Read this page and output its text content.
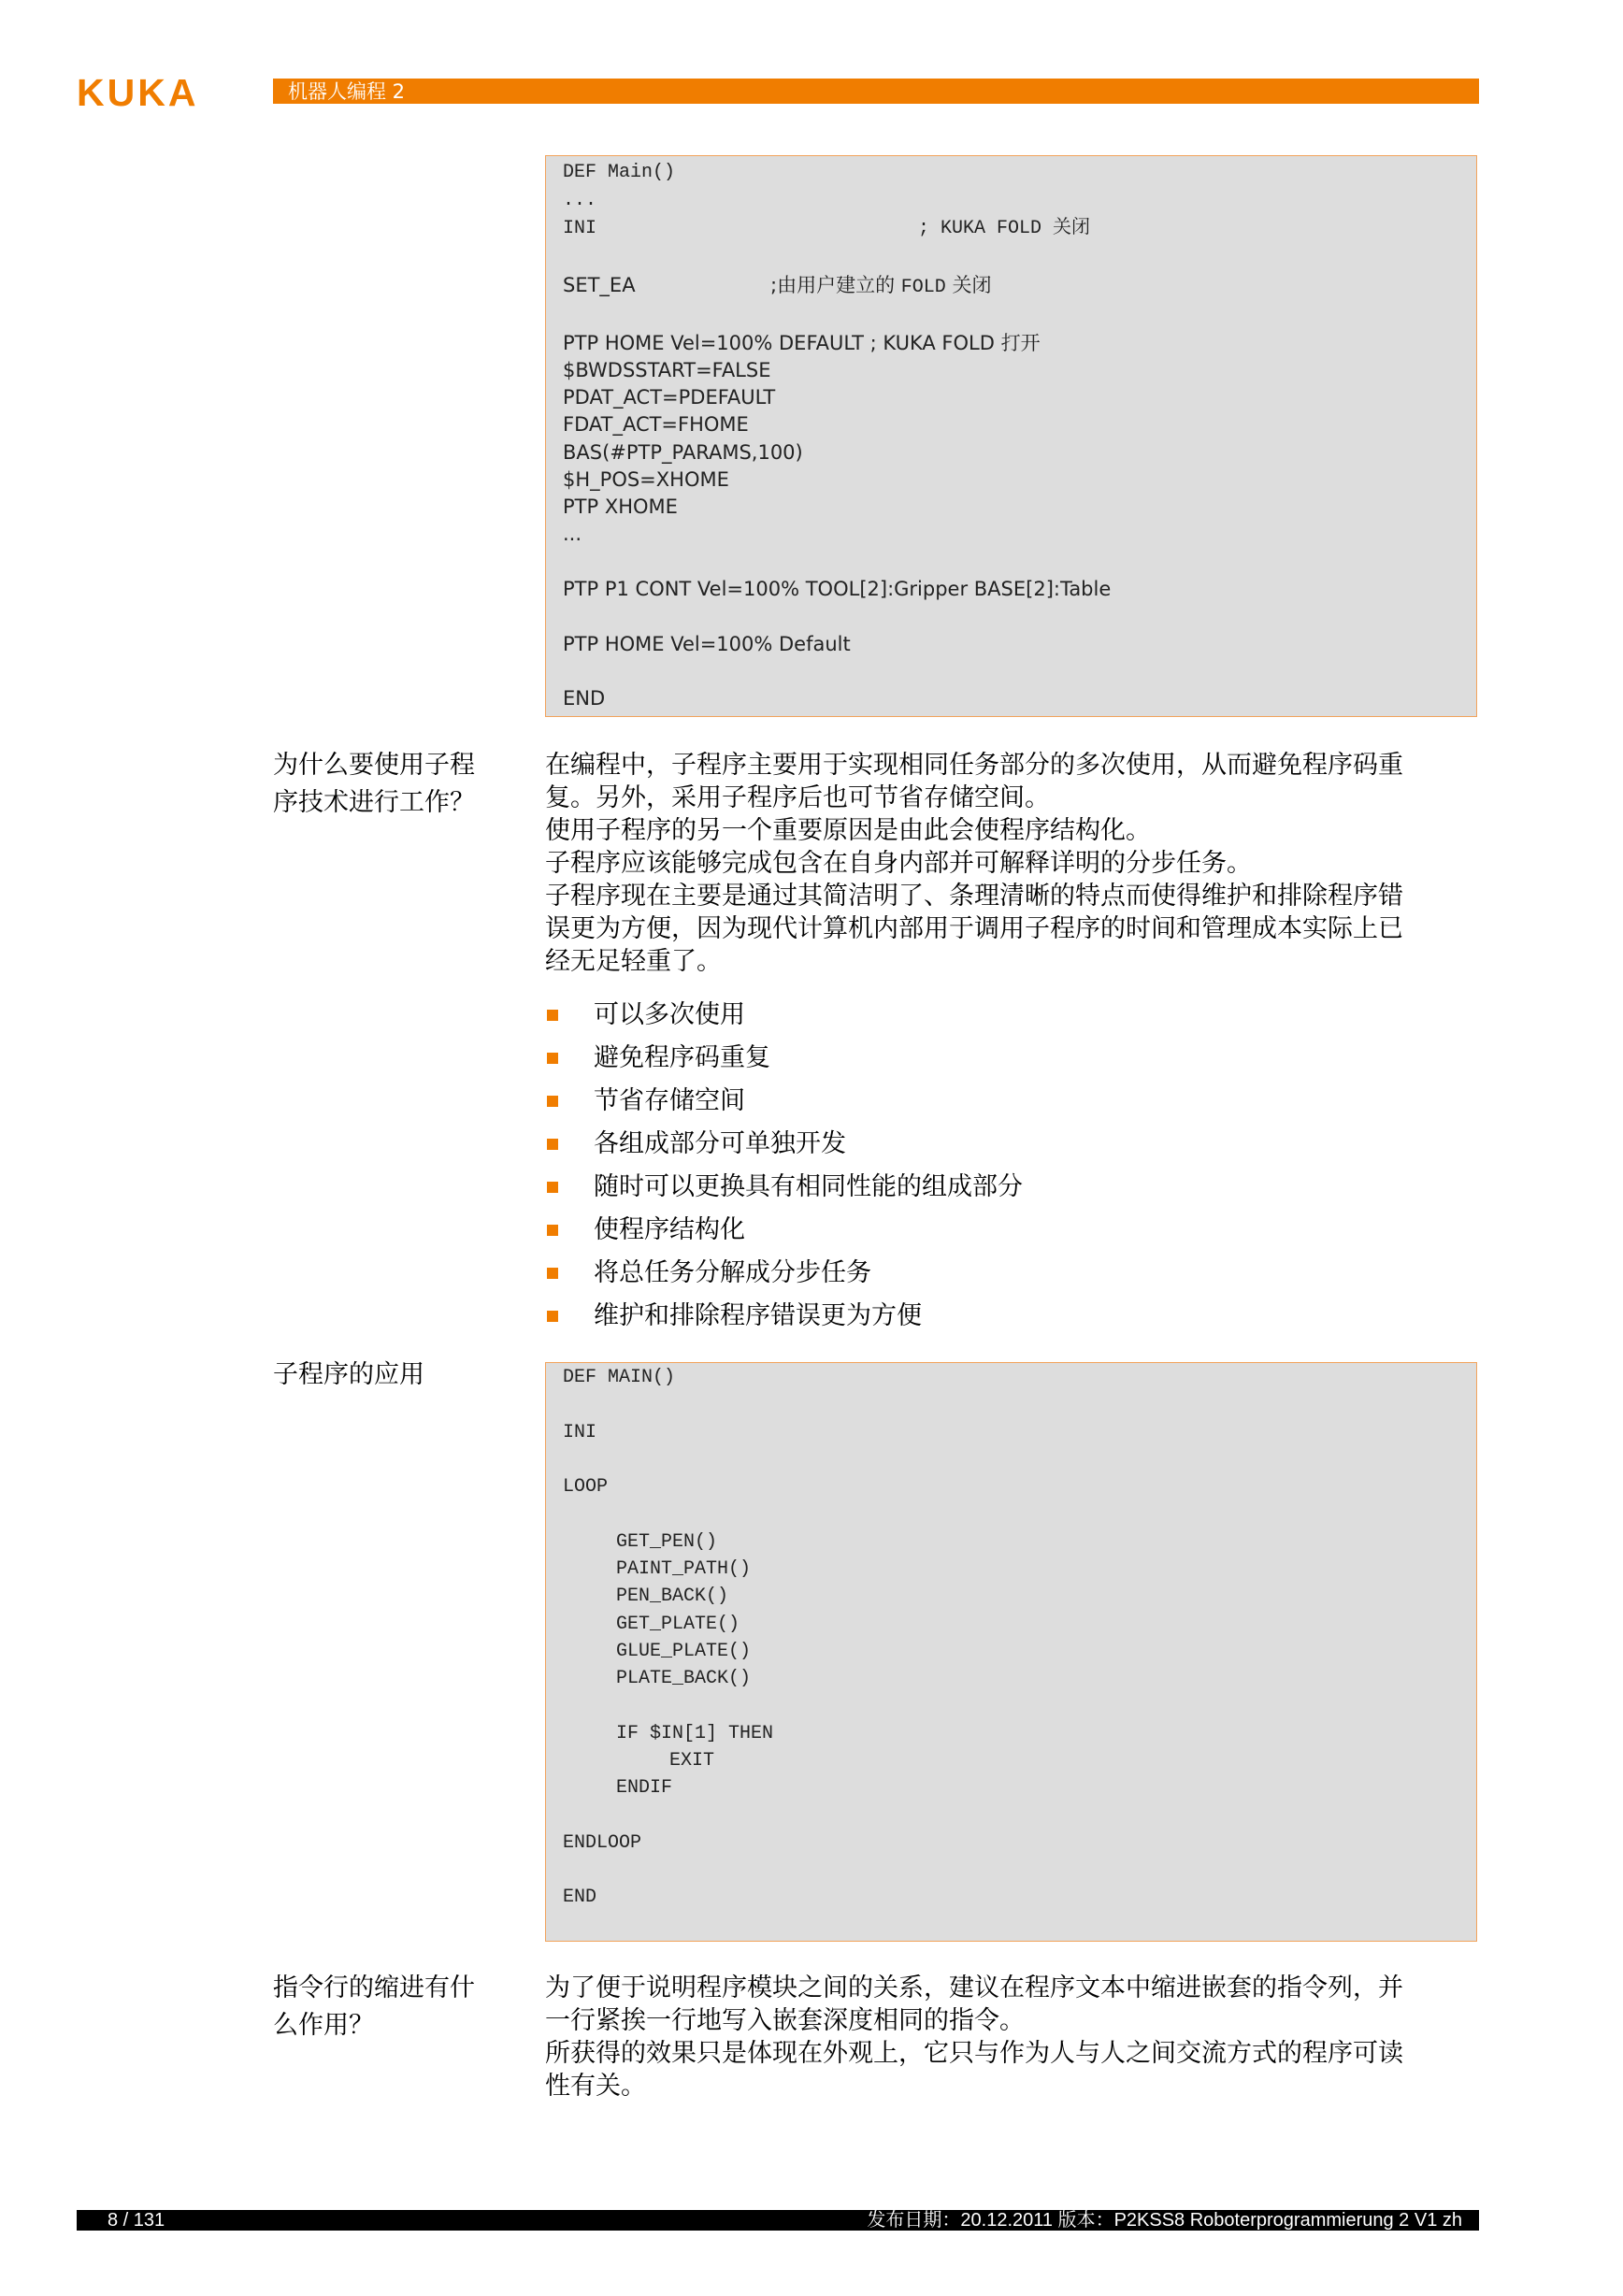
KUKA	机器人编程 2
DEF Main()
...
INI	; KUKA FOLD 关闭
SET_EA	;由用户建立的 FOLD 关闭
PTP HOME Vel=100% DEFAULT ; KUKA FOLD 打开
$BWDSSTART=FALSE
PDAT_ACT=PDEFAULT
FDAT_ACT=FHOME
BAS(#PTP_PARAMS,100)
$H_POS=XHOME
PTP XHOME
...
PTP P1 CONT Vel=100% TOOL[2]:Gripper BASE[2]:Table
PTP HOME Vel=100% Default
END
为什么要使用子程
序技术进行工作？

在编程中，子程序主要用于实现相同任务部分的多次使用，从而避免程序码重

复。另外，采用子程序后也可节省存储空间。

使用子程序的另一个重要原因是由此会使程序结构化。

子程序应该能够完成包含在自身内部并可解释详明的分步任务。

子程序现在主要是通过其简洁明了、条理清晰的特点而使得维护和排除程序错

误更为方便，因为现代计算机内部用于调用子程序的时间和管理成本实际上已

经无足轻重了。

可以多次使用
避免程序码重复
节省存储空间
各组成部分可单独开发
随时可以更换具有相同性能的组成部分
使程序结构化
将总任务分解成分步任务
维护和排除程序错误更为方便
子程序的应用	DEF MAIN()
INI
LOOP
GET_PEN()
PAINT_PATH()
PEN_BACK()
GET_PLATE()
GLUE_PLATE()
PLATE_BACK()
IF $IN[1] THEN
EXIT
ENDIF
ENDLOOP
END
指令行的缩进有什
么作用？

为了便于说明程序模块之间的关系，建议在程序文本中缩进嵌套的指令列，并

一行紧挨一行地写入嵌套深度相同的指令。

所获得的效果只是体现在外观上，它只与作为人与人之间交流方式的程序可读

性有关。

8 / 131	发布日期：20.12.2011 版本：P2KSS8 Roboterprogrammierung 2 V1 zh
